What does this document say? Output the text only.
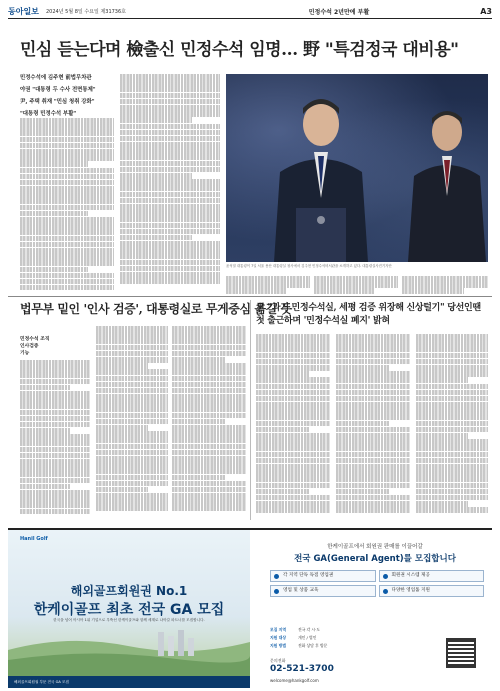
동아일보	2024년 5월 8일 수요일 제31736호	민정수석 2년만에 부활	A3
민심 듣는다며 檢출신 민정수석 임명… 野 "특검정국 대비용"
민정수석에 김주현 前법무차관
야권 "대통령 두 수사 전면통제"
尹, 주택 취재 "민심 청취 강화"
"대통령 민정수석 부활"
윤석열 대통령이 7일 서울 용산 대통령실 청사에서 김주현 민정수석비서관을 소개하고 있다. 대통령실사진기자단
법무부 밑인 '인사 검증', 대통령실로 무게중심 옮길 듯
민정수석 조직
인사검증
기능
尹 "과거 민정수석실, 세평 검증 위장해 신상털기" 당선인땐 첫 출근하며 '민정수석실 폐지' 밝혀
Hanil Golf
해외골프회원권 No.1
한케이골프 최초 전국 GA 모집
한국을 넘어 아시아 1위 기업으로 우뚝선 한케이골프와 함께 세계로 나아갈 파트너를 모집합니다.
해외골프회원권 부문 전국 GA 모집
한케이골프에서 회원권 판매를 이끌어갈
전국 GA(General Agent)를 모집합니다
각 지역 단독 독점 영업권	회원권 시스템 제공
영업 및 상품 교육	다양한 영업툴 지원
모집 지역	전국 각 시·도
지원 대상	개인 / 법인
지원 방법	전화 상담 후 방문
문의전화
02-521-3700
welcome@hankgolf.com
